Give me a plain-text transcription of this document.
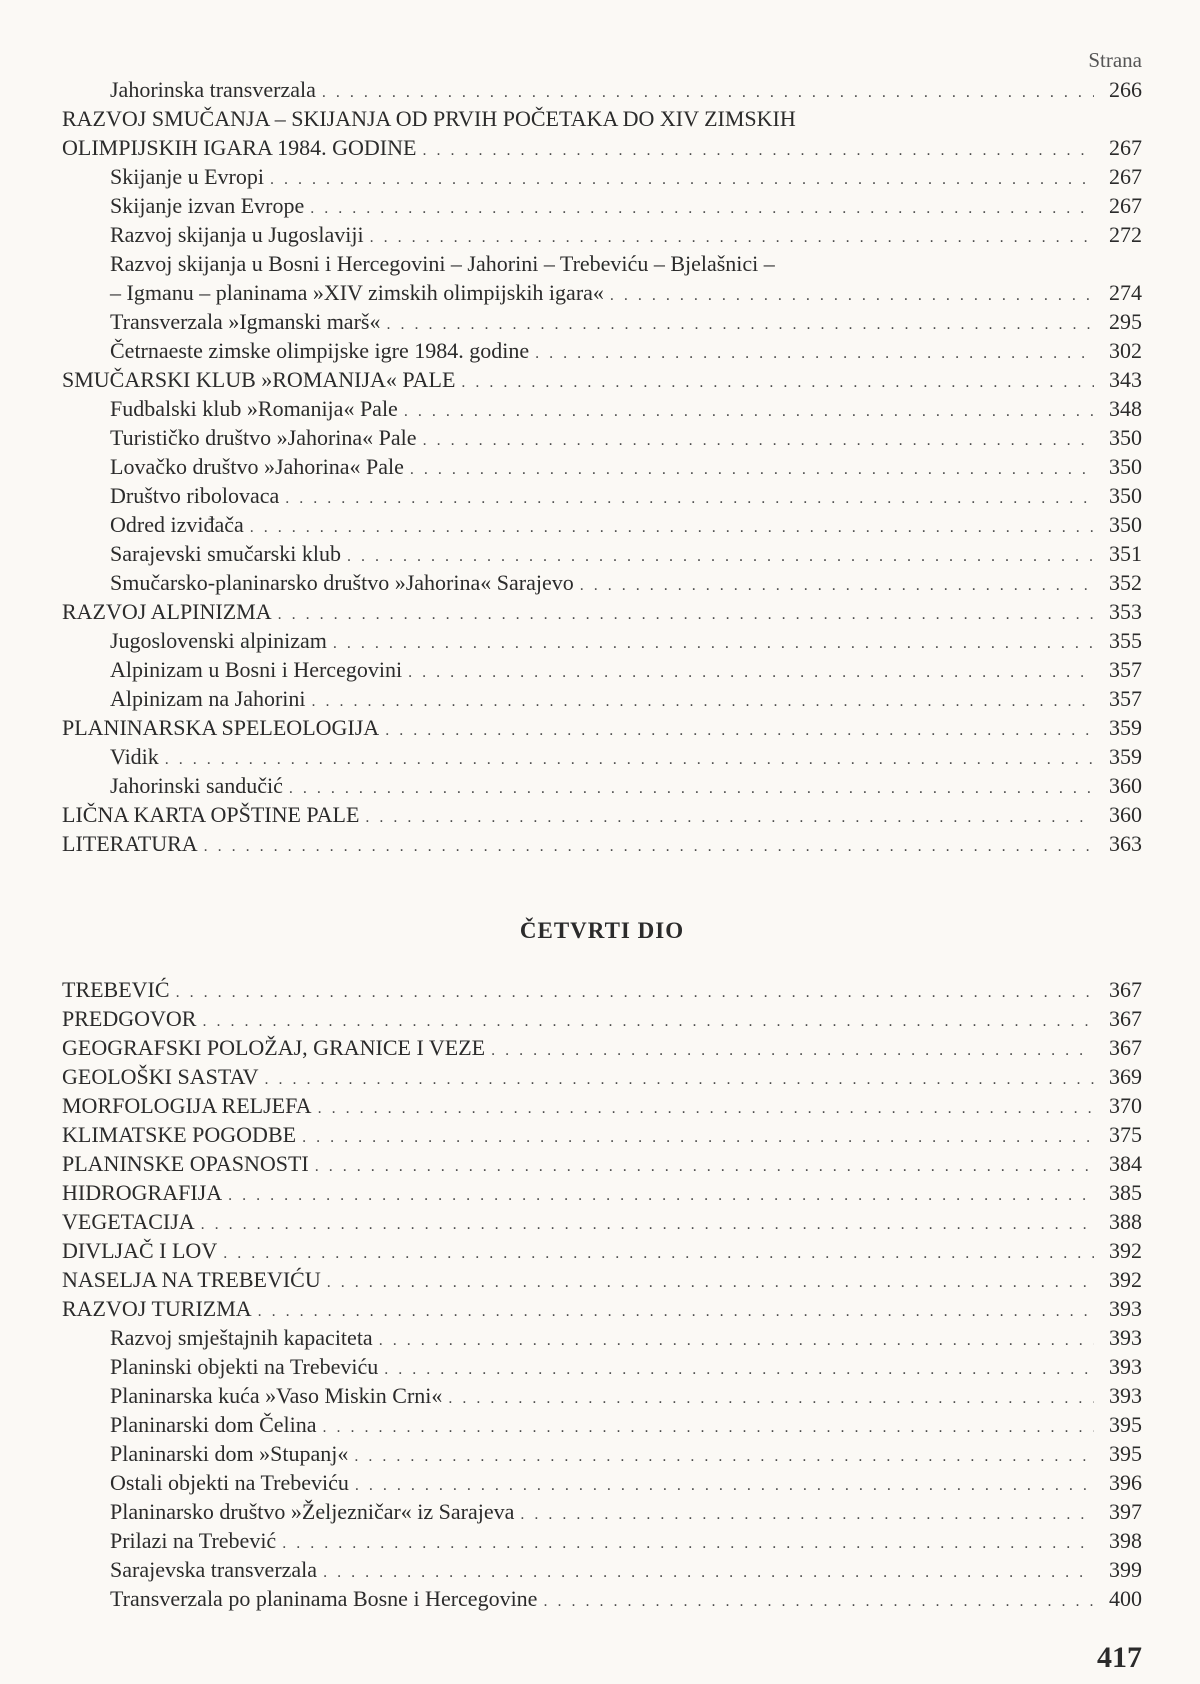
Strana
Jahorinska transverzala . . .	266
RAZVOJ SMUČANJA – SKIJANJA OD PRVIH POČETAKA DO XIV ZIMSKIH
OLIMPIJSKIH IGARA 1984. GODINE . . .	267
Skijanje u Evropi . . .	267
Skijanje izvan Evrope . . .	267
Razvoj skijanja u Jugoslaviji . . .	272
Razvoj skijanja u Bosni i Hercegovini – Jahorini – Trebeviću – Bjelašnici –
– Igmanu – planinama »XIV zimskih olimpijskih igara« . . .	274
Transverzala »Igmanski marš« . . .	295
Četrnaeste zimske olimpijske igre 1984. godine . . .	302
SMUČARSKI KLUB »ROMANIJA« PALE . . .	343
Fudbalski klub »Romanija« Pale . . .	348
Turističko društvo »Jahorina« Pale . . .	350
Lovačko društvo »Jahorina« Pale . . .	350
Društvo ribolovaca . . .	350
Odred izviđača . . .	350
Sarajevski smučarski klub . . .	351
Smučarsko-planinarsko društvo »Jahorina« Sarajevo . . .	352
RAZVOJ ALPINIZMA . . .	353
Jugoslovenski alpinizam . . .	355
Alpinizam u Bosni i Hercegovini . . .	357
Alpinizam na Jahorini . . .	357
PLANINARSKA SPELEOLOGIJA . . .	359
Vidik . . .	359
Jahorinski sandučić . . .	360
LIČNA KARTA OPŠTINE PALE . . .	360
LITERATURA . . .	363
ČETVRTI DIO
TREBEVIĆ . . .	367
PREDGOVOR . . .	367
GEOGRAFSKI POLOŽAJ, GRANICE I VEZE . . .	367
GEOLOŠKI SASTAV . . .	369
MORFOLOGIJA RELJEFA . . .	370
KLIMATSKE POGODBE . . .	375
PLANINSKE OPASNOSTI . . .	384
HIDROGRAFIJA . . .	385
VEGETACIJA . . .	388
DIVLJAČ I LOV . . .	392
NASELJA NA TREBEVIĆU . . .	392
RAZVOJ TURIZMA . . .	393
Razvoj smještajnih kapaciteta . . .	393
Planinski objekti na Trebeviću . . .	393
Planinarska kuća »Vaso Miskin Crni« . . .	393
Planinarski dom Čelina . . .	395
Planinarski dom »Stupanj« . . .	395
Ostali objekti na Trebeviću . . .	396
Planinarsko društvo »Željezničar« iz Sarajeva . . .	397
Prilazi na Trebević . . .	398
Sarajevska transverzala . . .	399
Transverzala po planinama Bosne i Hercegovine . . .	400
417
